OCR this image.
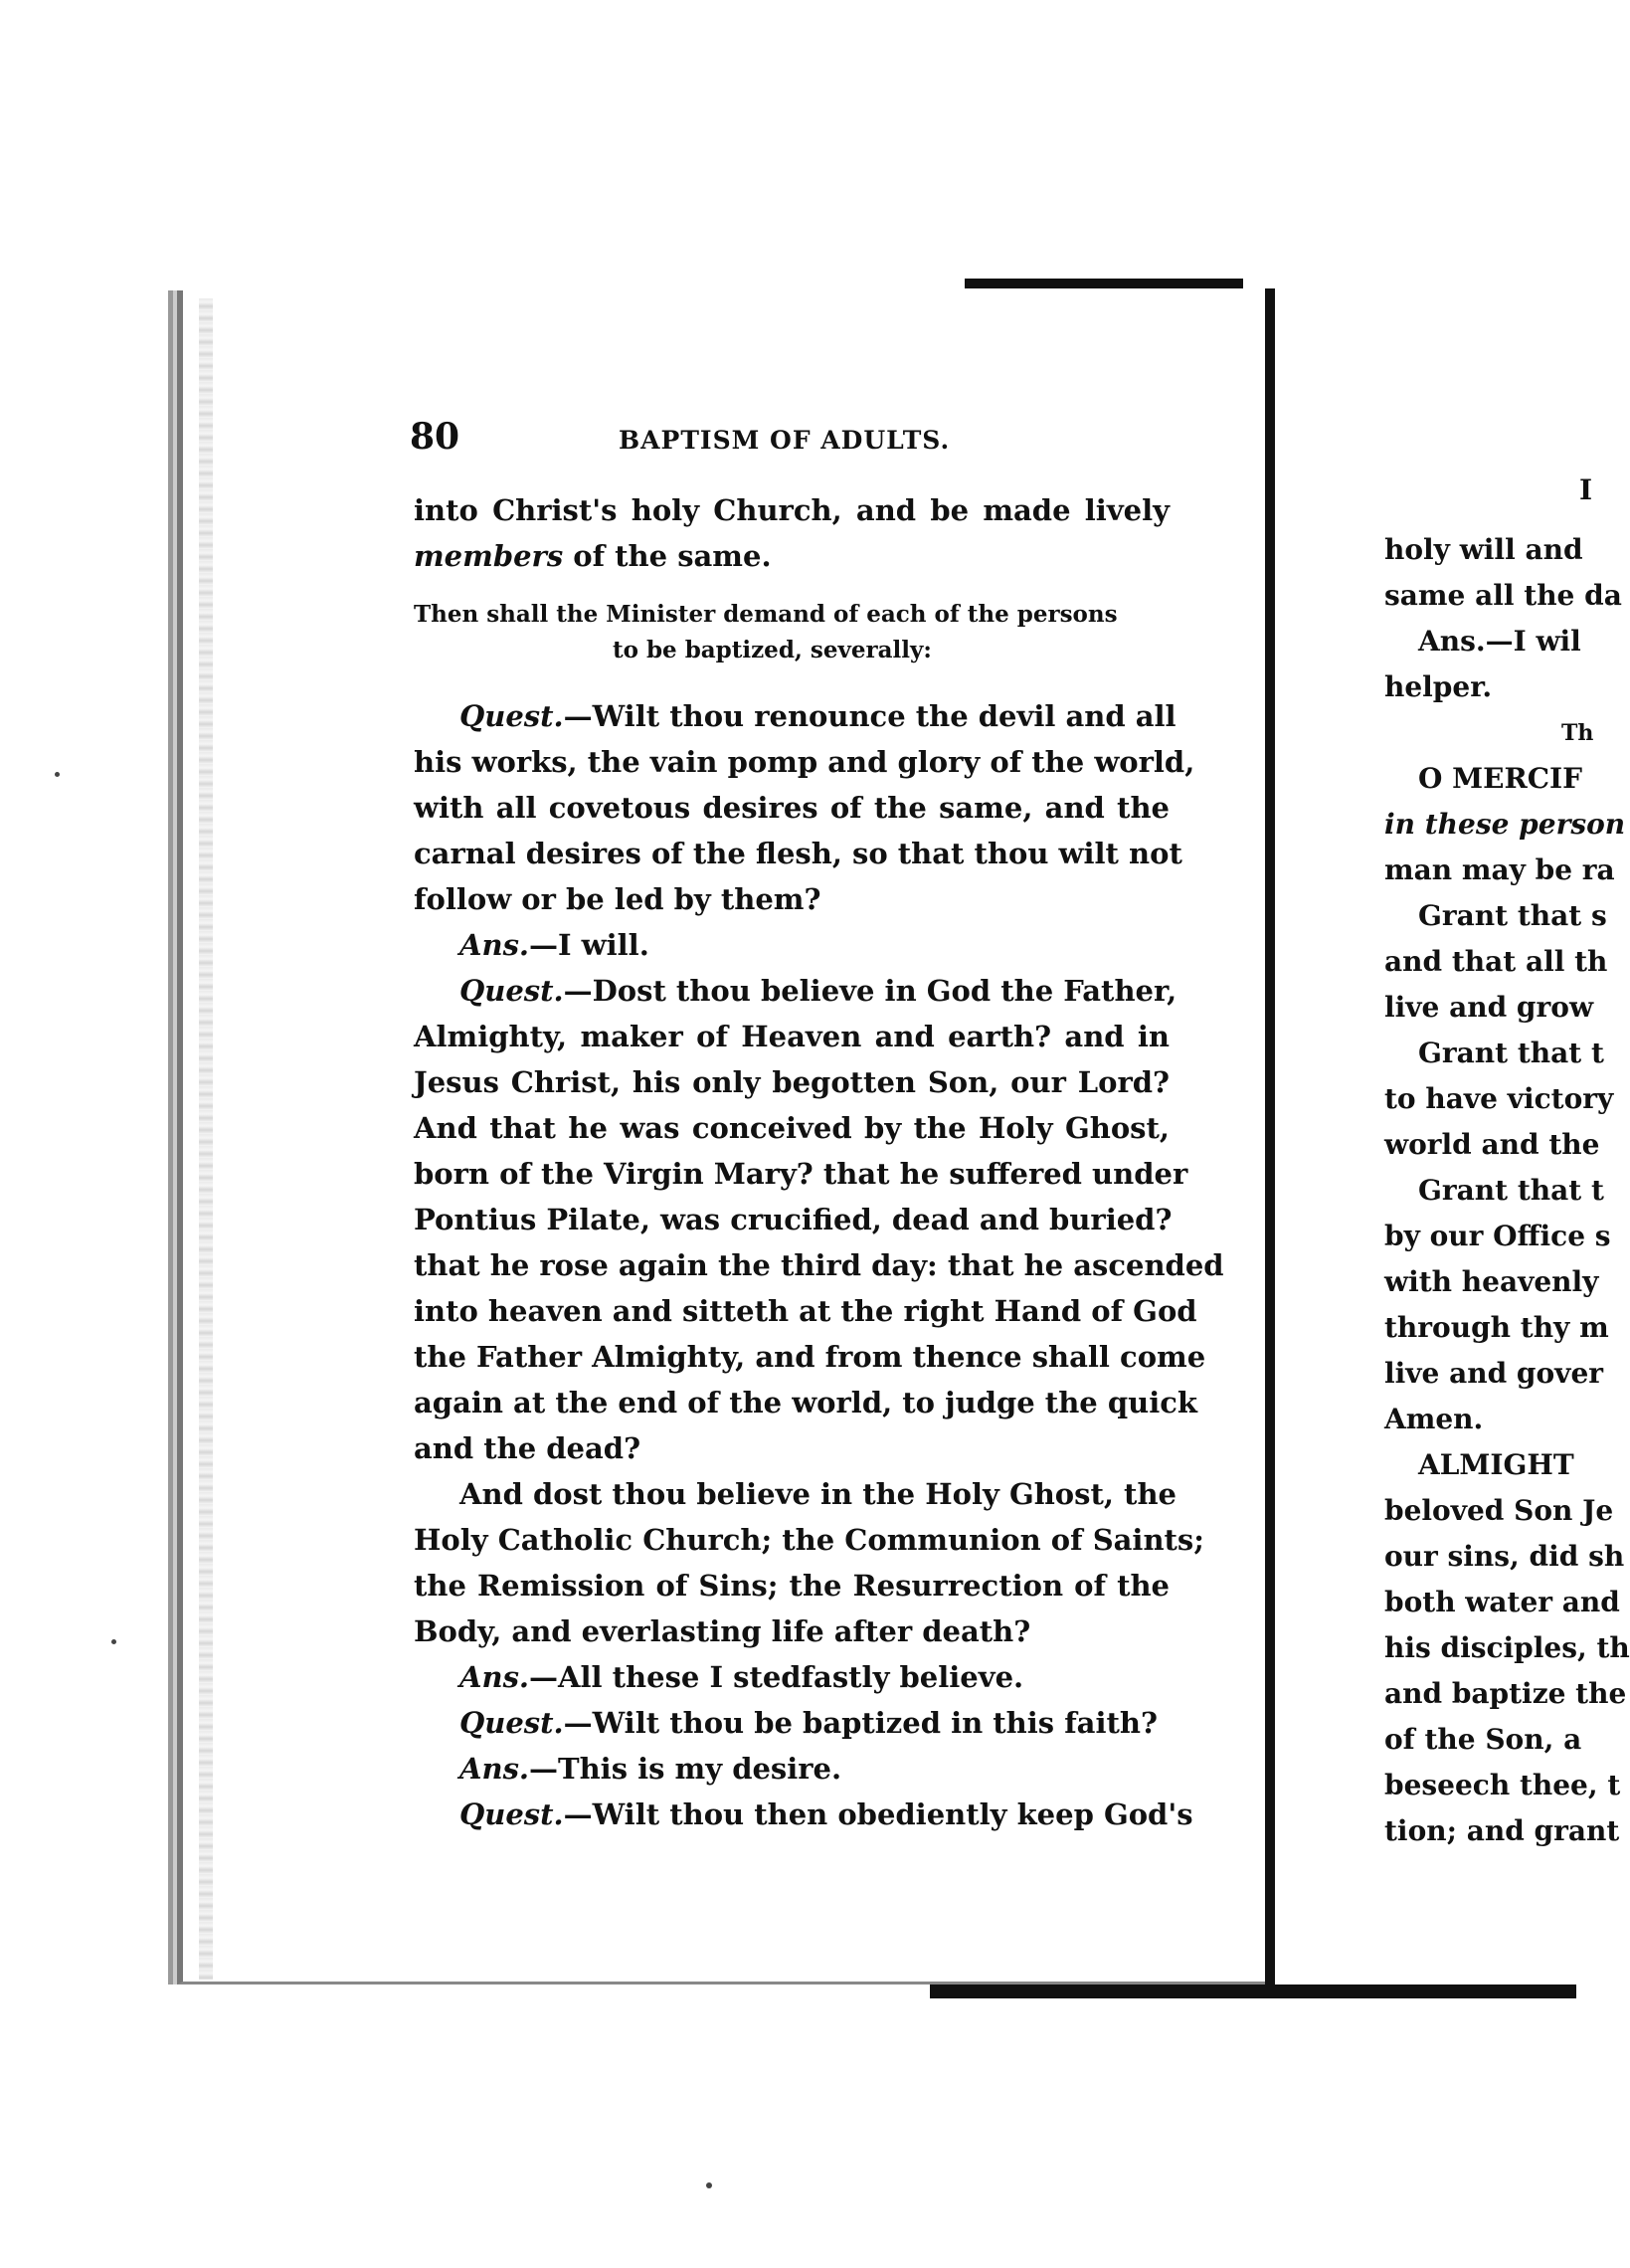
80	BAPTISM OF ADULTS.
into Christ's holy Church, and be made lively
members of the same.
Then shall the Minister demand of each of the persons
to be baptized, severally:
Quest.—Wilt thou renounce the devil and all
his works, the vain pomp and glory of the world,
with all covetous desires of the same, and the
carnal desires of the flesh, so that thou wilt not
follow or be led by them?
Ans.—I will.
Quest.—Dost thou believe in God the Father,
Almighty, maker of Heaven and earth? and in
Jesus Christ, his only begotten Son, our Lord?
And that he was conceived by the Holy Ghost,
born of the Virgin Mary? that he suffered under
Pontius Pilate, was crucified, dead and buried?
that he rose again the third day: that he ascended
into heaven and sitteth at the right Hand of God
the Father Almighty, and from thence shall come
again at the end of the world, to judge the quick
and the dead?
And dost thou believe in the Holy Ghost, the
Holy Catholic Church; the Communion of Saints;
the Remission of Sins; the Resurrection of the
Body, and everlasting life after death?
Ans.—All these I stedfastly believe.
Quest.—Wilt thou be baptized in this faith?
Ans.—This is my desire.
Quest.—Wilt thou then obediently keep God's
I
holy will and
same all the da
Ans.—I wil
helper.
Th
O MERCIF
in these person
man may be ra
Grant that s
and that all th
live and grow
Grant that t
to have victory
world and the
Grant that t
by our Office s
with heavenly
through thy m
live and gover
Amen.
ALMIGHT
beloved Son Je
our sins, did sh
both water and
his disciples, th
and baptize the
of the Son, a
beseech thee, t
tion; and grant
